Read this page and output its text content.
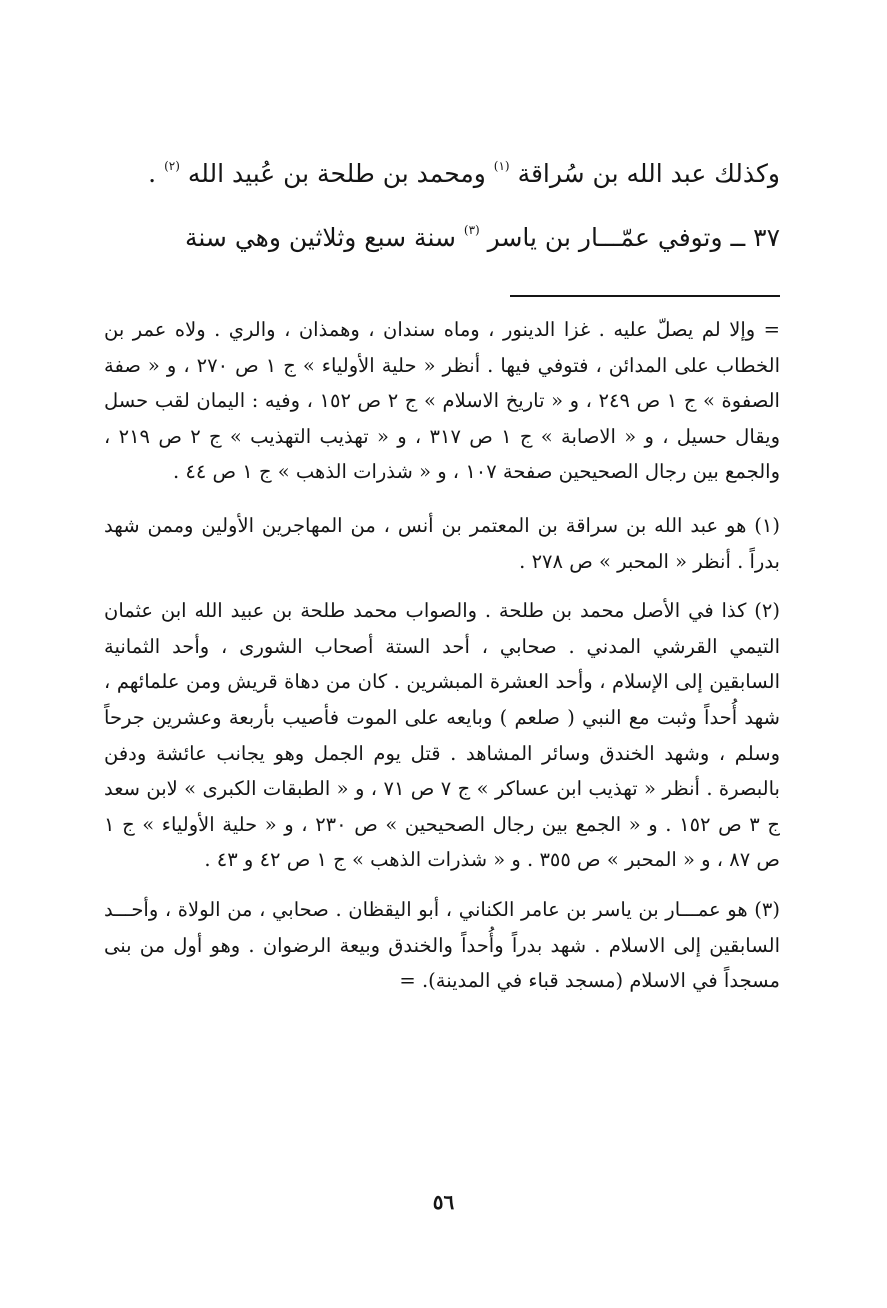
وكذلك عبد الله بن سُراقة $^{(١)}$ ومحمد بن طلحة بن عُبيد الله $^{(٢)}$ .

٣٧ ــ وتوفي عمّـــار بن ياسر $^{(٣)}$ سنة سبع وثلاثين وهي سنة

= وإلا لم يصلّ عليه . غزا الدينور ، وماه سندان ، وهمذان ، والري . ولاه عمر بن الخطاب على المدائن ، فتوفي فيها . أنظر « حلية الأولياء » ج ١ ص ٢٧٠ ، و « صفة الصفوة » ج ١ ص ٢٤٩ ، و « تاريخ الاسلام » ج ٢ ص ١٥٢ ، وفيه : اليمان لقب حسل ويقال حسيل ، و « الاصابة » ج ١ ص ٣١٧ ، و « تهذيب التهذيب » ج ٢ ص ٢١٩ ، والجمع بين رجال الصحيحين صفحة ١٠٧ ، و « شذرات الذهب » ج ١ ص ٤٤ .

(١) هو عبد الله بن سراقة بن المعتمر بن أنس ، من المهاجرين الأولين وممن شهد بدراً . أنظر « المحبر » ص ٢٧٨ .

(٢) كذا في الأصل محمد بن طلحة . والصواب محمد طلحة بن عبيد الله ابن عثمان التيمي القرشي المدني . صحابي ، أحد الستة أصحاب الشورى ، وأحد الثمانية السابقين إلى الإسلام ، وأحد العشرة المبشرين . كان من دهاة قريش ومن علمائهم ، شهد أُحداً وثبت مع النبي ( صلعم ) وبايعه على الموت فأصيب بأربعة وعشرين جرحاً وسلم ، وشهد الخندق وسائر المشاهد . قتل يوم الجمل وهو يجانب عائشة ودفن بالبصرة . أنظر « تهذيب ابن عساكر » ج ٧ ص ٧١ ، و « الطبقات الكبرى » لابن سعد ج ٣ ص ١٥٢ . و « الجمع بين رجال الصحيحين » ص ٢٣٠ ، و « حلية الأولياء » ج ١ ص ٨٧ ، و « المحبر » ص ٣٥٥ . و « شذرات الذهب » ج ١ ص ٤٢ و ٤٣ .

(٣) هو عمـــار بن ياسر بن عامر الكناني ، أبو اليقظان . صحابي ، من الولاة ، وأحـــد السابقين إلى الاسلام . شهد بدراً وأُحداً والخندق وبيعة الرضوان . وهو أول من بنى مسجداً في الاسلام (مسجد قباء في المدينة). =

٥٦
